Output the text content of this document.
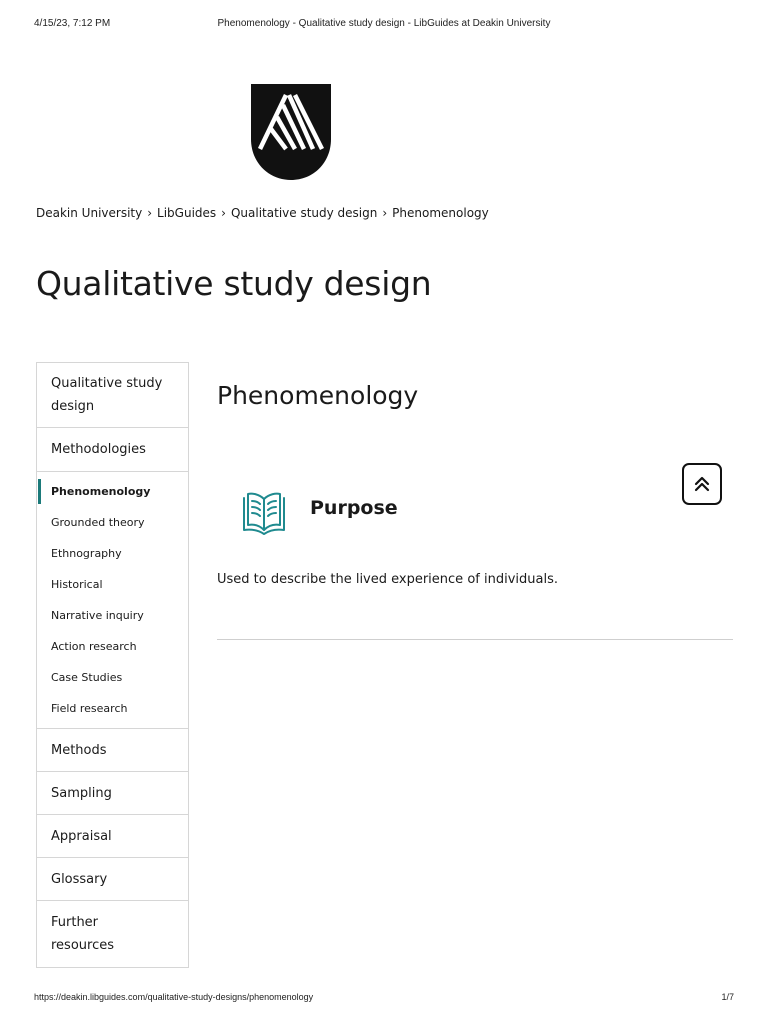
4/15/23, 7:12 PM	Phenomenology - Qualitative study design - LibGuides at Deakin University
Deakin University › LibGuides › Qualitative study design › Phenomenology
Qualitative study design
Qualitative study design
Methodologies
Phenomenology
Grounded theory
Ethnography
Historical
Narrative inquiry
Action research
Case Studies
Field research
Methods
Sampling
Appraisal
Glossary
Further resources
Phenomenology
Purpose
Used to describe the lived experience of individuals.
https://deakin.libguides.com/qualitative-study-designs/phenomenology	1/7
